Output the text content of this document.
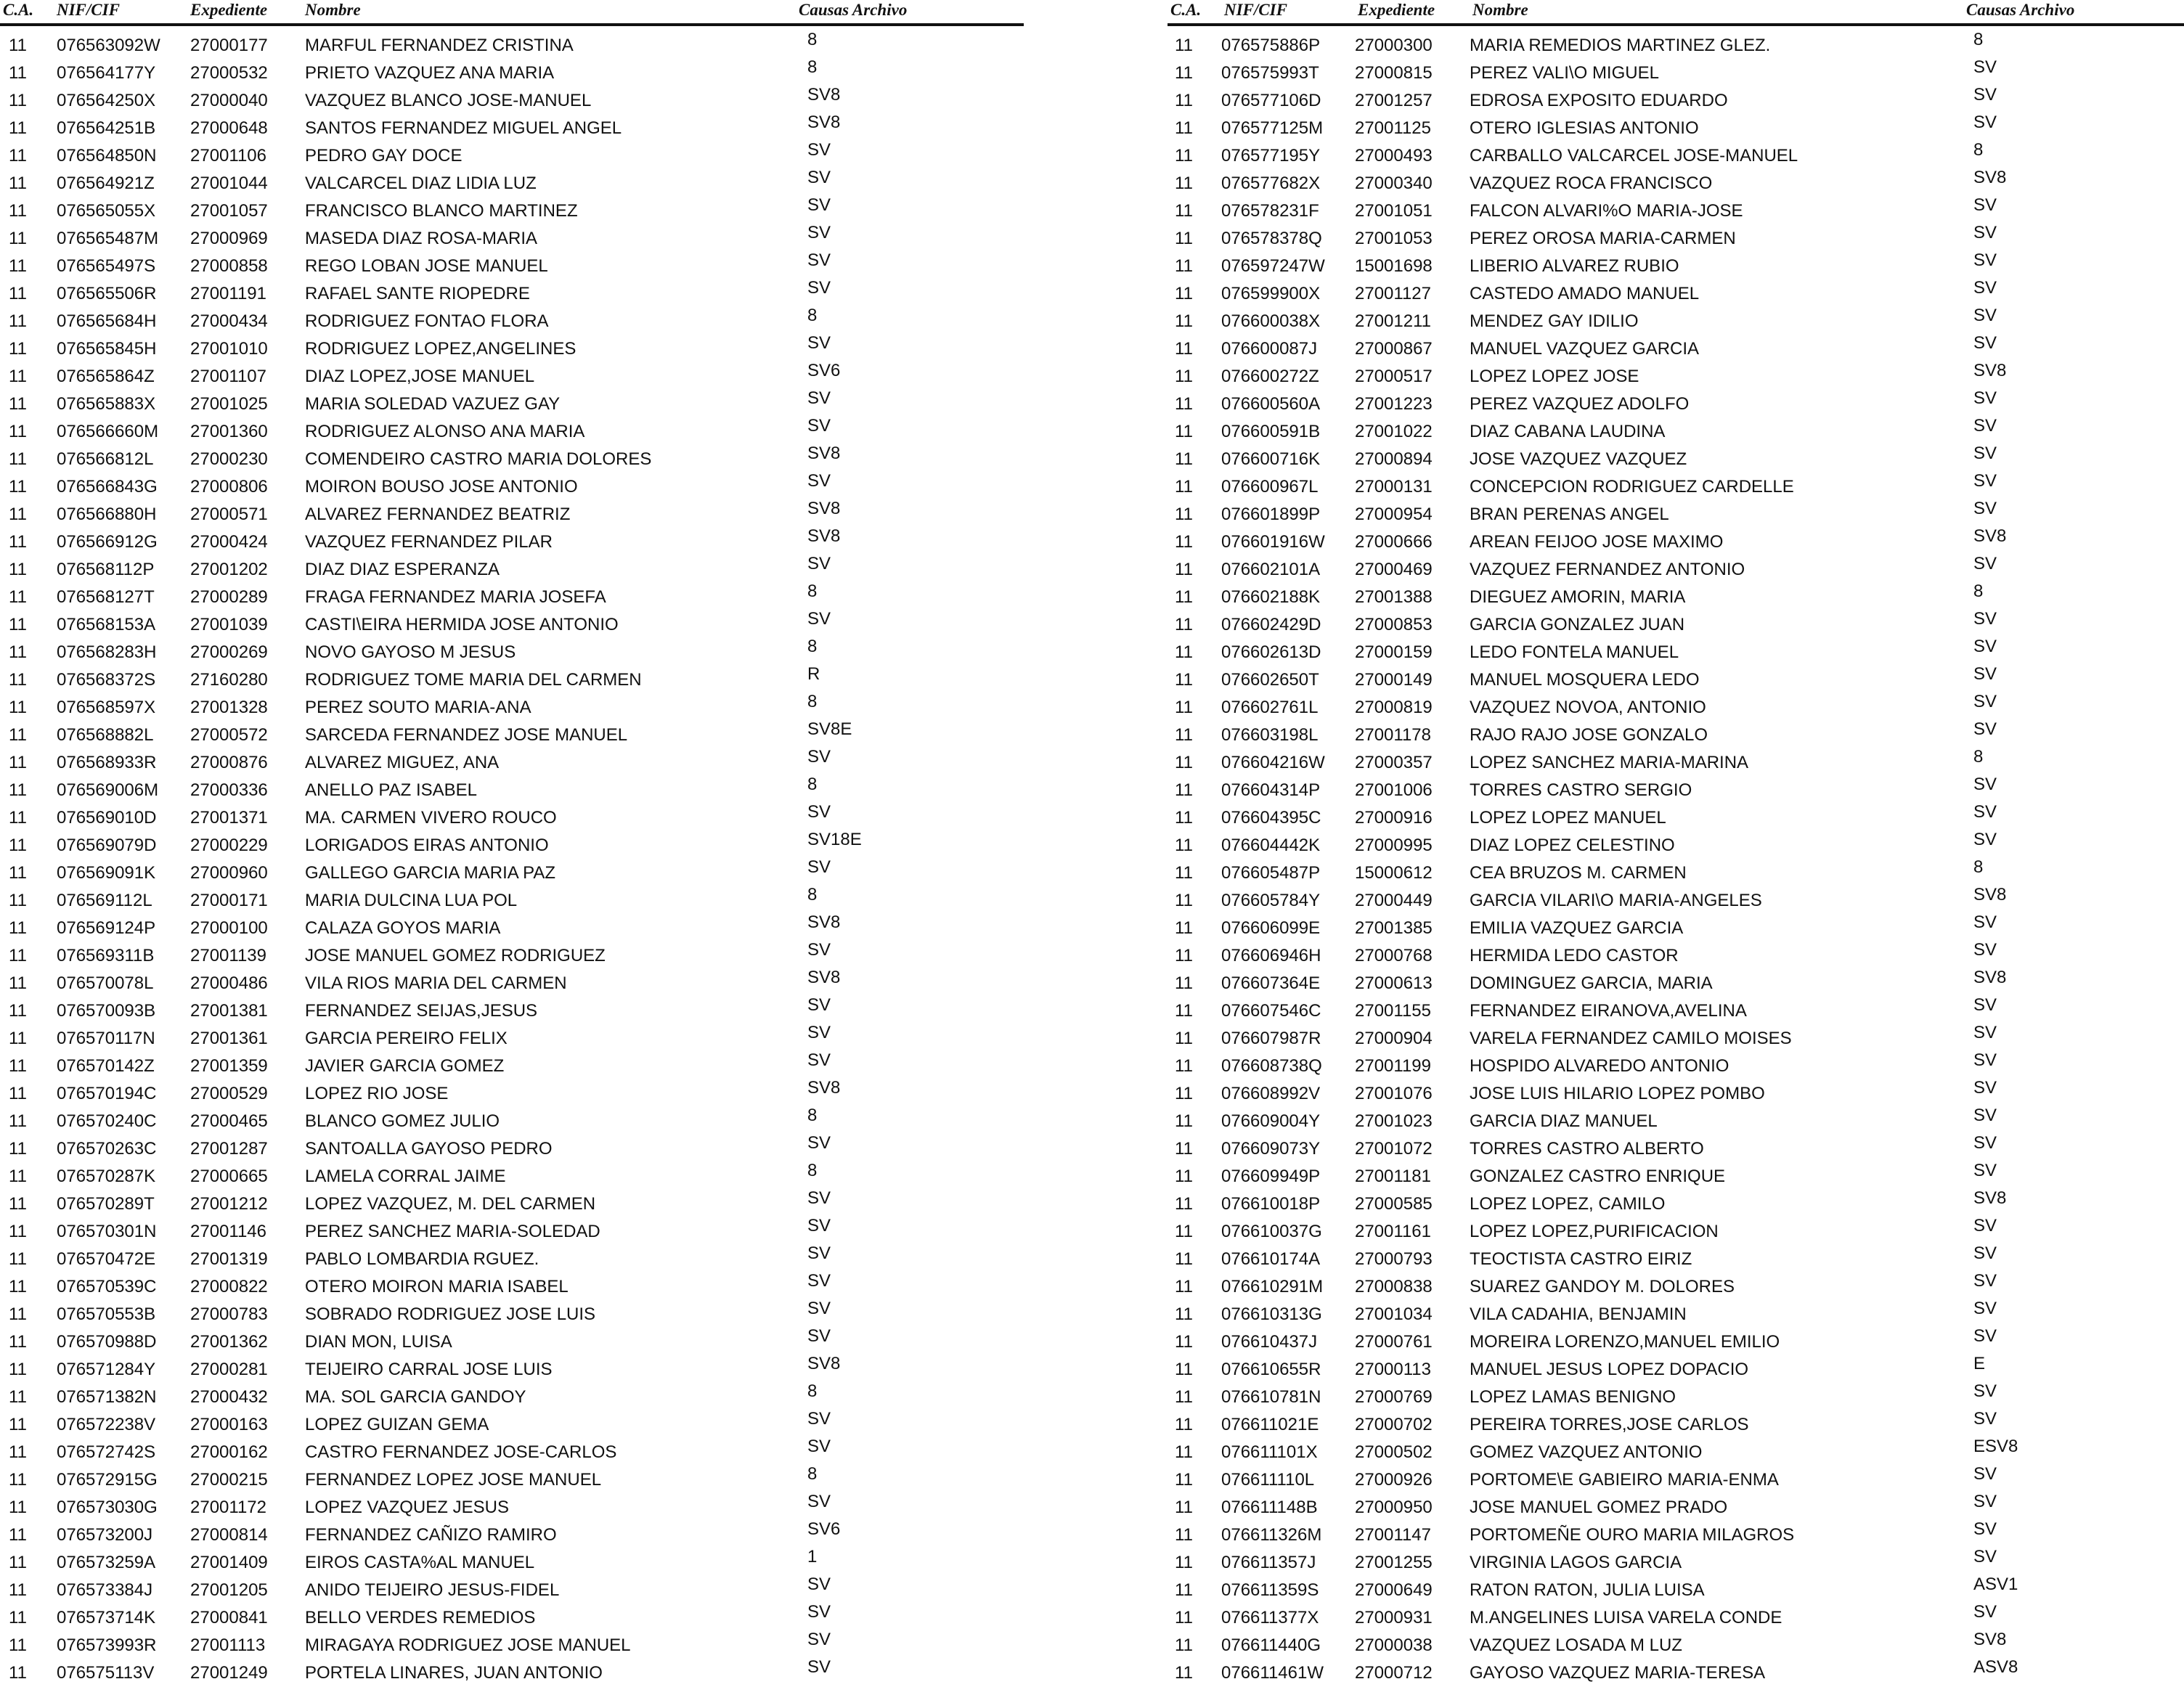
C.A. NIF/CIF	Expediente Nombre	Causas Archivo
11 076563092W 27000177 MARFUL FERNANDEZ CRISTINA	8
11 076564177Y 27000532 PRIETO VAZQUEZ ANA MARIA	8
11 076564250X 27000040 VAZQUEZ BLANCO JOSE-MANUEL	SV8
11 076564251B 27000648 SANTOS FERNANDEZ MIGUEL ANGEL	SV8
11 076564850N 27001106 PEDRO GAY DOCE	SV
11 076564921Z 27001044 VALCARCEL DIAZ LIDIA LUZ	SV
11 076565055X 27001057 FRANCISCO BLANCO MARTINEZ	SV
11 076565487M 27000969 MASEDA DIAZ ROSA-MARIA	SV
11 076565497S 27000858 REGO LOBAN JOSE MANUEL	SV
11 076565506R 27001191 RAFAEL SANTE RIOPEDRE	SV
11 076565684H 27000434 RODRIGUEZ FONTAO FLORA	8
11 076565845H 27001010 RODRIGUEZ LOPEZ,ANGELINES	SV
11 076565864Z 27001107 DIAZ LOPEZ,JOSE MANUEL	SV6
11 076565883X 27001025 MARIA SOLEDAD VAZUEZ GAY	SV
11 076566660M 27001360 RODRIGUEZ ALONSO ANA MARIA	SV
11 076566812L 27000230 COMENDEIRO CASTRO MARIA DOLORES	SV8
11 076566843G 27000806 MOIRON BOUSO JOSE ANTONIO	SV
11 076566880H 27000571 ALVAREZ FERNANDEZ BEATRIZ	SV8
11 076566912G 27000424 VAZQUEZ FERNANDEZ PILAR	SV8
11 076568112P 27001202 DIAZ DIAZ ESPERANZA	SV
11 076568127T 27000289 FRAGA FERNANDEZ MARIA JOSEFA	8
11 076568153A 27001039 CASTI\EIRA HERMIDA JOSE ANTONIO	SV
11 076568283H 27000269 NOVO GAYOSO M JESUS	8
11 076568372S 27160280 RODRIGUEZ TOME MARIA DEL CARMEN	R
11 076568597X 27001328 PEREZ SOUTO MARIA-ANA	8
11 076568882L 27000572 SARCEDA FERNANDEZ JOSE MANUEL	SV8E
11 076568933R 27000876 ALVAREZ MIGUEZ, ANA	SV
11 076569006M 27000336 ANELLO PAZ ISABEL	8
11 076569010D 27001371 MA. CARMEN VIVERO ROUCO	SV
11 076569079D 27000229 LORIGADOS EIRAS ANTONIO	SV18E
11 076569091K 27000960 GALLEGO GARCIA MARIA PAZ	SV
11 076569112L 27000171 MARIA DULCINA LUA POL	8
11 076569124P 27000100 CALAZA GOYOS MARIA	SV8
11 076569311B 27001139 JOSE MANUEL GOMEZ RODRIGUEZ	SV
11 076570078L 27000486 VILA RIOS MARIA DEL CARMEN	SV8
11 076570093B 27001381 FERNANDEZ SEIJAS,JESUS	SV
11 076570117N 27001361 GARCIA PEREIRO FELIX	SV
11 076570142Z 27001359 JAVIER GARCIA GOMEZ	SV
11 076570194C 27000529 LOPEZ RIO JOSE	SV8
11 076570240C 27000465 BLANCO GOMEZ JULIO	8
11 076570263C 27001287 SANTOALLA GAYOSO PEDRO	SV
11 076570287K 27000665 LAMELA CORRAL JAIME	8
11 076570289T 27001212 LOPEZ VAZQUEZ, M. DEL CARMEN	SV
11 076570301N 27001146 PEREZ SANCHEZ MARIA-SOLEDAD	SV
11 076570472E 27001319 PABLO LOMBARDIA RGUEZ.	SV
11 076570539C 27000822 OTERO MOIRON MARIA ISABEL	SV
11 076570553B 27000783 SOBRADO RODRIGUEZ JOSE LUIS	SV
11 076570988D 27001362 DIAN MON, LUISA	SV
11 076571284Y 27000281 TEIJEIRO CARRAL JOSE LUIS	SV8
11 076571382N 27000432 MA. SOL GARCIA GANDOY	8
11 076572238V 27000163 LOPEZ GUIZAN GEMA	SV
11 076572742S 27000162 CASTRO FERNANDEZ JOSE-CARLOS	SV
11 076572915G 27000215 FERNANDEZ LOPEZ JOSE MANUEL	8
11 076573030G 27001172 LOPEZ VAZQUEZ JESUS	SV
11 076573200J 27000814 FERNANDEZ CAÑIZO RAMIRO	SV6
11 076573259A 27001409 EIROS CASTA%AL MANUEL	1
11 076573384J 27001205 ANIDO TEIJEIRO JESUS-FIDEL	SV
11 076573714K 27000841 BELLO VERDES REMEDIOS	SV
11 076573993R 27001113 MIRAGAYA RODRIGUEZ JOSE MANUEL	SV
11 076575113V 27001249 PORTELA LINARES, JUAN ANTONIO	SV
C.A. NIF/CIF	Expediente Nombre	Causas Archivo
11 076575886P 27000300 MARIA REMEDIOS MARTINEZ GLEZ.	8
11 076575993T 27000815 PEREZ VALI\O MIGUEL	SV
11 076577106D 27001257 EDROSA EXPOSITO EDUARDO	SV
11 076577125M 27001125 OTERO IGLESIAS ANTONIO	SV
11 076577195Y 27000493 CARBALLO VALCARCEL JOSE-MANUEL	8
11 076577682X 27000340 VAZQUEZ ROCA FRANCISCO	SV8
11 076578231F 27001051 FALCON ALVARI%O MARIA-JOSE	SV
11 076578378Q 27001053 PEREZ OROSA MARIA-CARMEN	SV
11 076597247W 15001698 LIBERIO ALVAREZ RUBIO	SV
11 076599900X 27001127 CASTEDO AMADO MANUEL	SV
11 076600038X 27001211 MENDEZ GAY IDILIO	SV
11 076600087J 27000867 MANUEL VAZQUEZ GARCIA	SV
11 076600272Z 27000517 LOPEZ LOPEZ JOSE	SV8
11 076600560A 27001223 PEREZ VAZQUEZ ADOLFO	SV
11 076600591B 27001022 DIAZ CABANA LAUDINA	SV
11 076600716K 27000894 JOSE VAZQUEZ VAZQUEZ	SV
11 076600967L 27000131 CONCEPCION RODRIGUEZ CARDELLE	SV
11 076601899P 27000954 BRAN PERENAS ANGEL	SV
11 076601916W 27000666 AREAN FEIJOO JOSE MAXIMO	SV8
11 076602101A 27000469 VAZQUEZ FERNANDEZ ANTONIO	SV
11 076602188K 27001388 DIEGUEZ AMORIN, MARIA	8
11 076602429D 27000853 GARCIA GONZALEZ JUAN	SV
11 076602613D 27000159 LEDO FONTELA MANUEL	SV
11 076602650T 27000149 MANUEL MOSQUERA LEDO	SV
11 076602761L 27000819 VAZQUEZ NOVOA, ANTONIO	SV
11 076603198L 27001178 RAJO RAJO JOSE GONZALO	SV
11 076604216W 27000357 LOPEZ SANCHEZ MARIA-MARINA	8
11 076604314P 27001006 TORRES CASTRO SERGIO	SV
11 076604395C 27000916 LOPEZ LOPEZ MANUEL	SV
11 076604442K 27000995 DIAZ LOPEZ CELESTINO	SV
11 076605487P 15000612 CEA BRUZOS M. CARMEN	8
11 076605784Y 27000449 GARCIA VILARI\O MARIA-ANGELES	SV8
11 076606099E 27001385 EMILIA VAZQUEZ GARCIA	SV
11 076606946H 27000768 HERMIDA LEDO CASTOR	SV
11 076607364E 27000613 DOMINGUEZ GARCIA, MARIA	SV8
11 076607546C 27001155 FERNANDEZ EIRANOVA,AVELINA	SV
11 076607987R 27000904 VARELA FERNANDEZ CAMILO MOISES	SV
11 076608738Q 27001199 HOSPIDO ALVAREDO ANTONIO	SV
11 076608992V 27001076 JOSE LUIS HILARIO LOPEZ POMBO	SV
11 076609004Y 27001023 GARCIA DIAZ MANUEL	SV
11 076609073Y 27001072 TORRES CASTRO ALBERTO	SV
11 076609949P 27001181 GONZALEZ CASTRO ENRIQUE	SV
11 076610018P 27000585 LOPEZ LOPEZ, CAMILO	SV8
11 076610037G 27001161 LOPEZ LOPEZ,PURIFICACION	SV
11 076610174A 27000793 TEOCTISTA CASTRO EIRIZ	SV
11 076610291M 27000838 SUAREZ GANDOY M. DOLORES	SV
11 076610313G 27001034 VILA CADAHIA, BENJAMIN	SV
11 076610437J 27000761 MOREIRA LORENZO,MANUEL EMILIO	SV
11 076610655R 27000113 MANUEL JESUS LOPEZ DOPACIO	E
11 076610781N 27000769 LOPEZ LAMAS BENIGNO	SV
11 076611021E 27000702 PEREIRA TORRES,JOSE CARLOS	SV
11 076611101X 27000502 GOMEZ VAZQUEZ ANTONIO	ESV8
11 076611110L 27000926 PORTOME\E GABIEIRO MARIA-ENMA	SV
11 076611148B 27000950 JOSE MANUEL GOMEZ PRADO	SV
11 076611326M 27001147 PORTOMEÑE OURO MARIA MILAGROS	SV
11 076611357J 27001255 VIRGINIA LAGOS GARCIA	SV
11 076611359S 27000649 RATON RATON, JULIA LUISA	ASV1
11 076611377X 27000931 M.ANGELINES LUISA VARELA CONDE	SV
11 076611440G 27000038 VAZQUEZ LOSADA M LUZ	SV8
11 076611461W 27000712 GAYOSO VAZQUEZ MARIA-TERESA	ASV8
